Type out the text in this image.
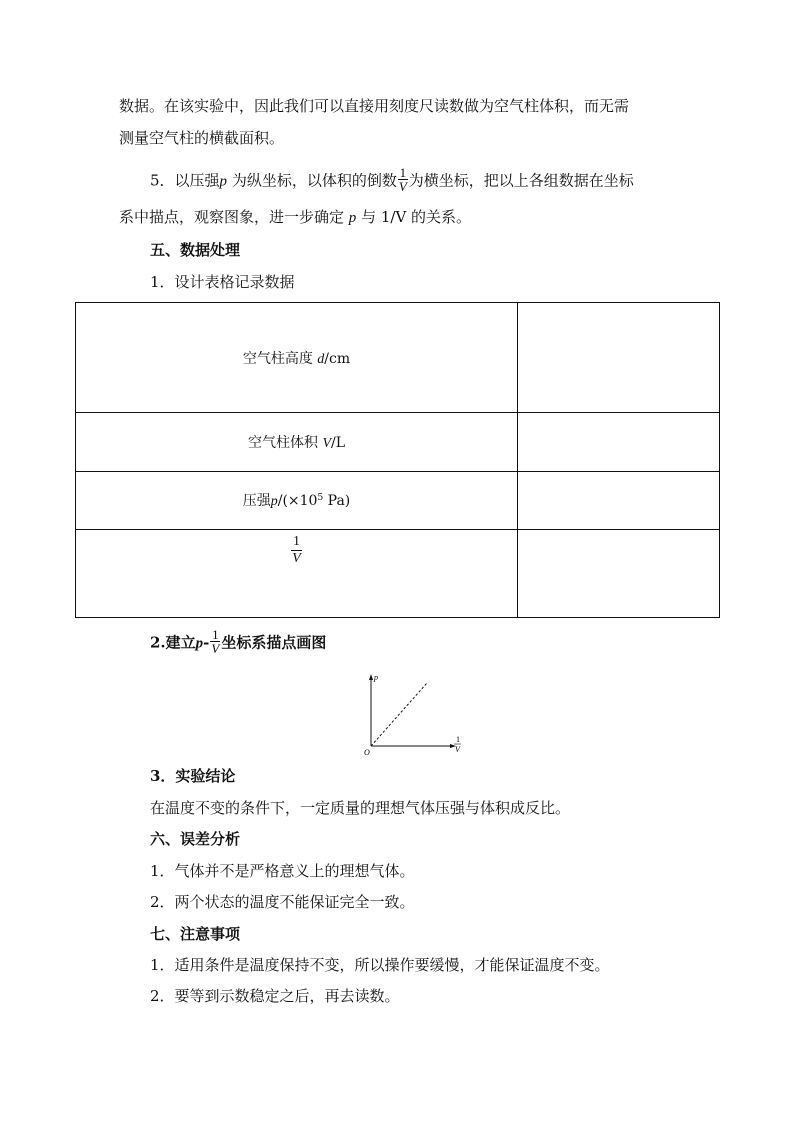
数据。在该实验中，因此我们可以直接用刻度尺读数做为空气柱体积，而无需
测量空气柱的横截面积。
5．以压强p 为纵坐标，以体积的倒数 $\frac{1}{V}$ 为横坐标，把以上各组数据在坐标
系中描点，观察图象，进一步确定 p 与 1/V 的关系。
五、数据处理
1．设计表格记录数据
空气柱高度 d/cm	
空气柱体积 V/L	
压强$p/(\times 10^5$ Pa)	

$\frac{1}{V}$

2.建立$p- \frac{1}{V}$ 坐标系描点画图
p
O
1
V
3．实验结论
在温度不变的条件下，一定质量的理想气体压强与体积成反比。
六、误差分析
1．气体并不是严格意义上的理想气体。
2．两个状态的温度不能保证完全一致。
七、注意事项
1．适用条件是温度保持不变，所以操作要缓慢，才能保证温度不变。
2．要等到示数稳定之后，再去读数。
